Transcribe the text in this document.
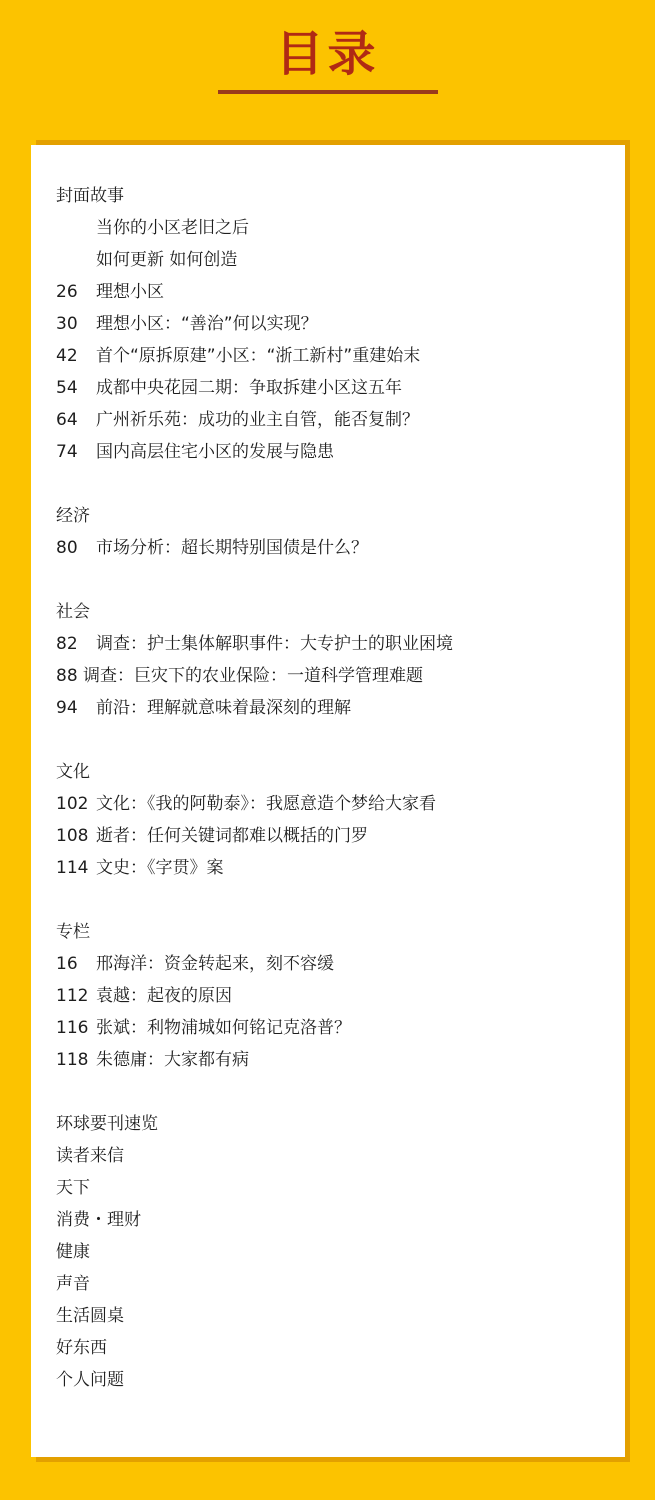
目录
封面故事
当你的小区老旧之后
如何更新 如何创造
26 理想小区
30 理想小区：“善治”何以实现？
42 首个“原拆原建”小区：“浙工新村”重建始末
54 成都中央花园二期：争取拆建小区这五年
64 广州祈乐苑：成功的业主自管，能否复制？
74 国内高层住宅小区的发展与隐患
经济
80 市场分析：超长期特别国债是什么？
社会
82 调查：护士集体解职事件：大专护士的职业困境
88 调查：巨灾下的农业保险：一道科学管理难题
94 前沿：理解就意味着最深刻的理解
文化
102 文化：《我的阿勒泰》：我愿意造个梦给大家看
108 逝者：任何关键词都难以概括的门罗
114 文史：《字贯》案
专栏
16 邢海洋：资金转起来，刻不容缓
112 袁越：起夜的原因
116 张斌：利物浦城如何铭记克洛普？
118 朱德庸：大家都有病
环球要刊速览
读者来信
天下
消费・理财
健康
声音
生活圆桌
好东西
个人问题
